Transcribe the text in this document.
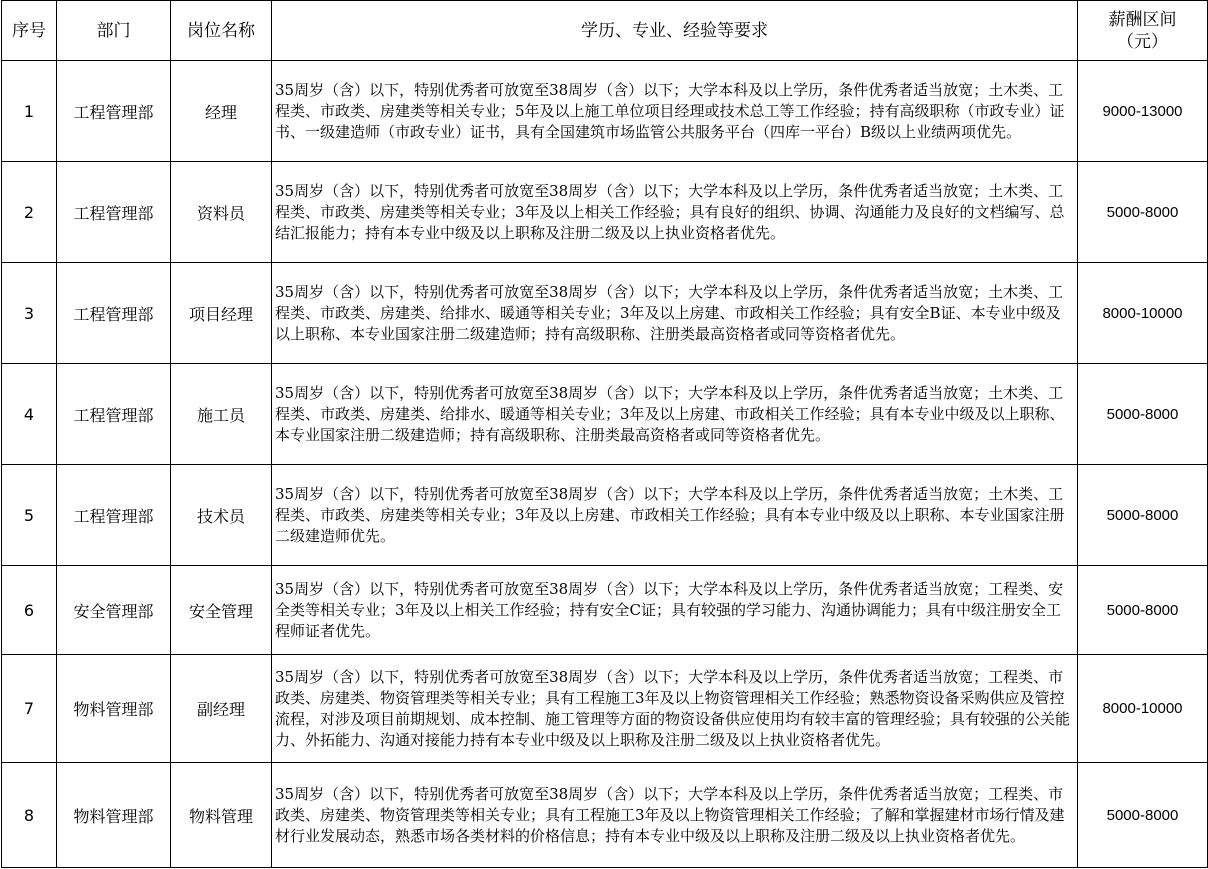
序号	部门	岗位名称	学历、专业、经验等要求	薪酬区间
（元）

1	工程管理部	经理	35周岁（含）以下，特别优秀者可放宽至38周岁（含）以下；大学本科及以上学历，条件优秀者适当放宽；土木类、工程类、市政类、房建类等相关专业；5年及以上施工单位项目经理或技术总工等工作经验；持有高级职称（市政专业）证书、一级建造师（市政专业）证书，具有全国建筑市场监管公共服务平台（四库一平台）B级以上业绩两项优先。	9000-13000
2	工程管理部	资料员	35周岁（含）以下，特别优秀者可放宽至38周岁（含）以下；大学本科及以上学历，条件优秀者适当放宽；土木类、工程类、市政类、房建类等相关专业；3年及以上相关工作经验；具有良好的组织、协调、沟通能力及良好的文档编写、总结汇报能力；持有本专业中级及以上职称及注册二级及以上执业资格者优先。	5000-8000
3	工程管理部	项目经理	35周岁（含）以下，特别优秀者可放宽至38周岁（含）以下；大学本科及以上学历，条件优秀者适当放宽；土木类、工程类、市政类、房建类、给排水、暖通等相关专业；3年及以上房建、市政相关工作经验；具有安全B证、本专业中级及以上职称、本专业国家注册二级建造师；持有高级职称、注册类最高资格者或同等资格者优先。	8000-10000
4	工程管理部	施工员	35周岁（含）以下，特别优秀者可放宽至38周岁（含）以下；大学本科及以上学历，条件优秀者适当放宽；土木类、工程类、市政类、房建类、给排水、暖通等相关专业；3年及以上房建、市政相关工作经验；具有本专业中级及以上职称、本专业国家注册二级建造师；持有高级职称、注册类最高资格者或同等资格者优先。	5000-8000
5	工程管理部	技术员	35周岁（含）以下，特别优秀者可放宽至38周岁（含）以下；大学本科及以上学历，条件优秀者适当放宽；土木类、工程类、市政类、房建类等相关专业；3年及以上房建、市政相关工作经验；具有本专业中级及以上职称、本专业国家注册二级建造师优先。	5000-8000
6	安全管理部	安全管理	35周岁（含）以下，特别优秀者可放宽至38周岁（含）以下；大学本科及以上学历，条件优秀者适当放宽；工程类、安全类等相关专业；3年及以上相关工作经验；持有安全C证；具有较强的学习能力、沟通协调能力；具有中级注册安全工程师证者优先。	5000-8000
7	物料管理部	副经理	35周岁（含）以下，特别优秀者可放宽至38周岁（含）以下；大学本科及以上学历，条件优秀者适当放宽；工程类、市政类、房建类、物资管理类等相关专业；具有工程施工3年及以上物资管理相关工作经验；熟悉物资设备采购供应及管控流程，对涉及项目前期规划、成本控制、施工管理等方面的物资设备供应使用均有较丰富的管理经验；具有较强的公关能力、外拓能力、沟通对接能力持有本专业中级及以上职称及注册二级及以上执业资格者优先。	8000-10000
8	物料管理部	物料管理	35周岁（含）以下，特别优秀者可放宽至38周岁（含）以下；大学本科及以上学历，条件优秀者适当放宽；工程类、市政类、房建类、物资管理类等相关专业；具有工程施工3年及以上物资管理相关工作经验；了解和掌握建材市场行情及建材行业发展动态，熟悉市场各类材料的价格信息；持有本专业中级及以上职称及注册二级及以上执业资格者优先。	5000-8000
